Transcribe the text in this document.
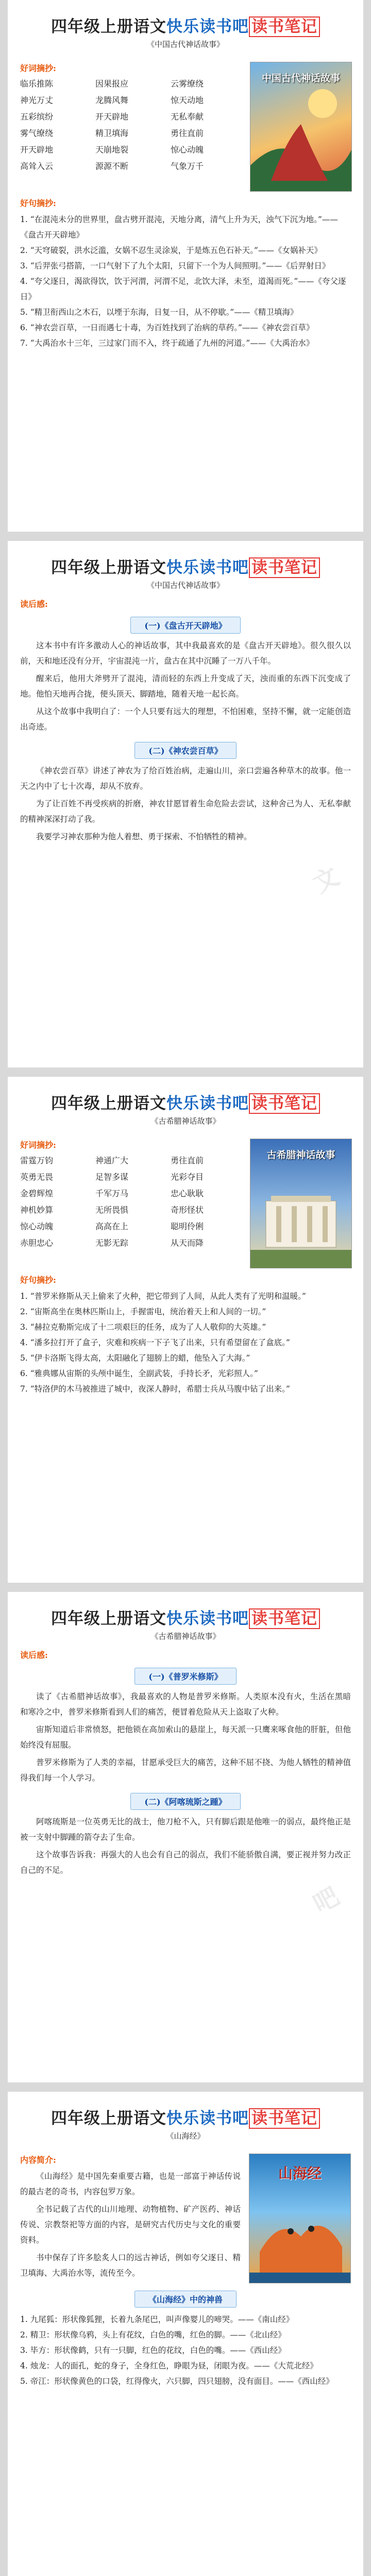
四年级上册语文快乐读书吧 读书笔记
《中国古代神话故事》
好词摘抄:
临乐推陈	因果报应	云雾缭绕
神光万丈	龙腾风舞	惊天动地
五彩缤纷	开天辟地	无私奉献
雾气缭绕	精卫填海	勇往直前
开天辟地	天崩地裂	惊心动魄
高耸入云	源源不断	气象万千
中国古代神话故事
好句摘抄:

1. “在混沌未分的世界里，盘古劈开混沌，天地分离，清气上升为天，浊气下沉为地。”——《盘古开天辟地》

2. “天穹破裂，洪水泛滥，女娲不忍生灵涂炭，于是炼五色石补天。”——《女娲补天》

3. “后羿张弓搭箭，一口气射下了九个太阳，只留下一个为人间照明。”——《后羿射日》

4. “夸父逐日，渴欲得饮，饮于河渭，河渭不足，北饮大泽，未至，道渴而死。”——《夸父逐日》

5. “精卫衔西山之木石，以堙于东海，日复一日，从不停歇。”——《精卫填海》

6. “神农尝百草，一日而遇七十毒，为百姓找到了治病的草药。”——《神农尝百草》

7. “大禹治水十三年，三过家门而不入，终于疏通了九州的河道。”——《大禹治水》

文
四年级上册语文快乐读书吧 读书笔记
《中国古代神话故事》
读后感:
(一)《盘古开天辟地》

这本书中有许多激动人心的神话故事，其中我最喜欢的是《盘古开天辟地》。很久很久以前，天和地还没有分开，宇宙混沌一片，盘古在其中沉睡了一万八千年。

醒来后，他用大斧劈开了混沌，清而轻的东西上升变成了天，浊而重的东西下沉变成了地。他怕天地再合拢，便头顶天、脚踏地，随着天地一起长高。

从这个故事中我明白了：一个人只要有远大的理想，不怕困难，坚持不懈，就一定能创造出奇迹。

(二)《神农尝百草》

《神农尝百草》讲述了神农为了给百姓治病，走遍山川，亲口尝遍各种草木的故事。他一天之内中了七十次毒，却从不放弃。

为了让百姓不再受疾病的折磨，神农甘愿冒着生命危险去尝试，这种舍己为人、无私奉献的精神深深打动了我。

我要学习神农那种为他人着想、勇于探索、不怕牺牲的精神。

四年级上册语文快乐读书吧 读书笔记
《古希腊神话故事》
好词摘抄:
雷霆万钧	神通广大	勇往直前
英勇无畏	足智多谋	光彩夺目
金碧辉煌	千军万马	忠心耿耿
神机妙算	无所畏惧	奇形怪状
惊心动魄	高高在上	聪明伶俐
赤胆忠心	无影无踪	从天而降
古希腊神话故事
好句摘抄:

1. “普罗米修斯从天上偷来了火种，把它带到了人间，从此人类有了光明和温暖。”

2. “宙斯高坐在奥林匹斯山上，手握雷电，统治着天上和人间的一切。”

3. “赫拉克勒斯完成了十二项艰巨的任务，成为了人人敬仰的大英雄。”

4. “潘多拉打开了盒子，灾难和疾病一下子飞了出来，只有希望留在了盒底。”

5. “伊卡洛斯飞得太高，太阳融化了翅膀上的蜡，他坠入了大海。”

6. “雅典娜从宙斯的头颅中诞生，全副武装，手持长矛，光彩照人。”

7. “特洛伊的木马被推进了城中，夜深人静时，希腊士兵从马腹中钻了出来。”

吧
四年级上册语文快乐读书吧 读书笔记
《古希腊神话故事》
读后感:
(一)《普罗米修斯》

读了《古希腊神话故事》，我最喜欢的人物是普罗米修斯。人类原本没有火，生活在黑暗和寒冷之中，普罗米修斯看到人们的痛苦，便冒着危险从天上盗取了火种。

宙斯知道后非常愤怒，把他锁在高加索山的悬崖上，每天派一只鹰来啄食他的肝脏，但他始终没有屈服。

普罗米修斯为了人类的幸福，甘愿承受巨大的痛苦，这种不屈不挠、为他人牺牲的精神值得我们每一个人学习。

(二)《阿喀琉斯之踵》

阿喀琉斯是一位英勇无比的战士，他刀枪不入，只有脚后跟是他唯一的弱点，最终他正是被一支射中脚踵的箭夺去了生命。

这个故事告诉我：再强大的人也会有自己的弱点，我们不能骄傲自满，要正视并努力改正自己的不足。

四年级上册语文快乐读书吧 读书笔记
《山海经》
内容简介:

《山海经》是中国先秦重要古籍，也是一部富于神话传说的最古老的奇书，内容包罗万象。

全书记载了古代的山川地理、动物植物、矿产医药、神话传说、宗教祭祀等方面的内容，是研究古代历史与文化的重要资料。

书中保存了许多脍炙人口的远古神话，例如夸父逐日、精卫填海、大禹治水等，流传至今。

山海经
《山海经》中的神兽

1. 九尾狐：形状像狐狸，长着九条尾巴，叫声像婴儿的啼哭。——《南山经》

2. 精卫：形状像乌鸦，头上有花纹，白色的嘴，红色的脚。——《北山经》

3. 毕方：形状像鹤，只有一只脚，红色的花纹，白色的嘴。——《西山经》

4. 烛龙：人的面孔，蛇的身子，全身红色，睁眼为昼，闭眼为夜。——《大荒北经》

5. 帝江：形状像黄色的口袋，红得像火，六只脚，四只翅膀，没有面目。——《西山经》
